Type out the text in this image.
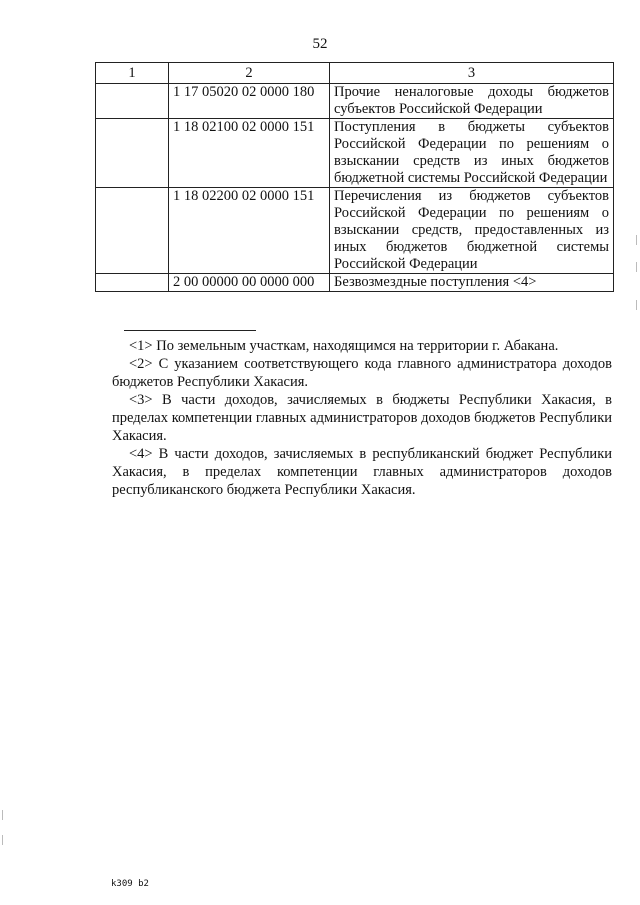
52
1	2	3
	1 17 05020 02 0000 180	Прочие неналоговые доходы бюджетов субъектов Российской Федерации
	1 18 02100 02 0000 151	Поступления в бюджеты субъектов Российской Федерации по решениям о взыскании средств из иных бюджетов бюджетной системы Российской Федерации
	1 18 02200 02 0000 151	Перечисления из бюджетов субъектов Российской Федерации по решениям о взыскании средств, предоставленных из иных бюджетов бюджетной системы Российской Федерации
	2 00 00000 00 0000 000	Безвозмездные поступления <4>

<1> По земельным участкам, находящимся на территории г. Абакана.

<2> С указанием соответствующего кода главного администратора доходов бюджетов Республики Хакасия.

<3> В части доходов, зачисляемых в бюджеты Республики Хакасия, в пределах компетенции главных администраторов доходов бюджетов Республики Хакасия.

<4> В части доходов, зачисляемых в республиканский бюджет Республики Хакасия, в пределах компетенции главных администраторов доходов республиканского бюджета Республики Хакасия.

k309 b2
